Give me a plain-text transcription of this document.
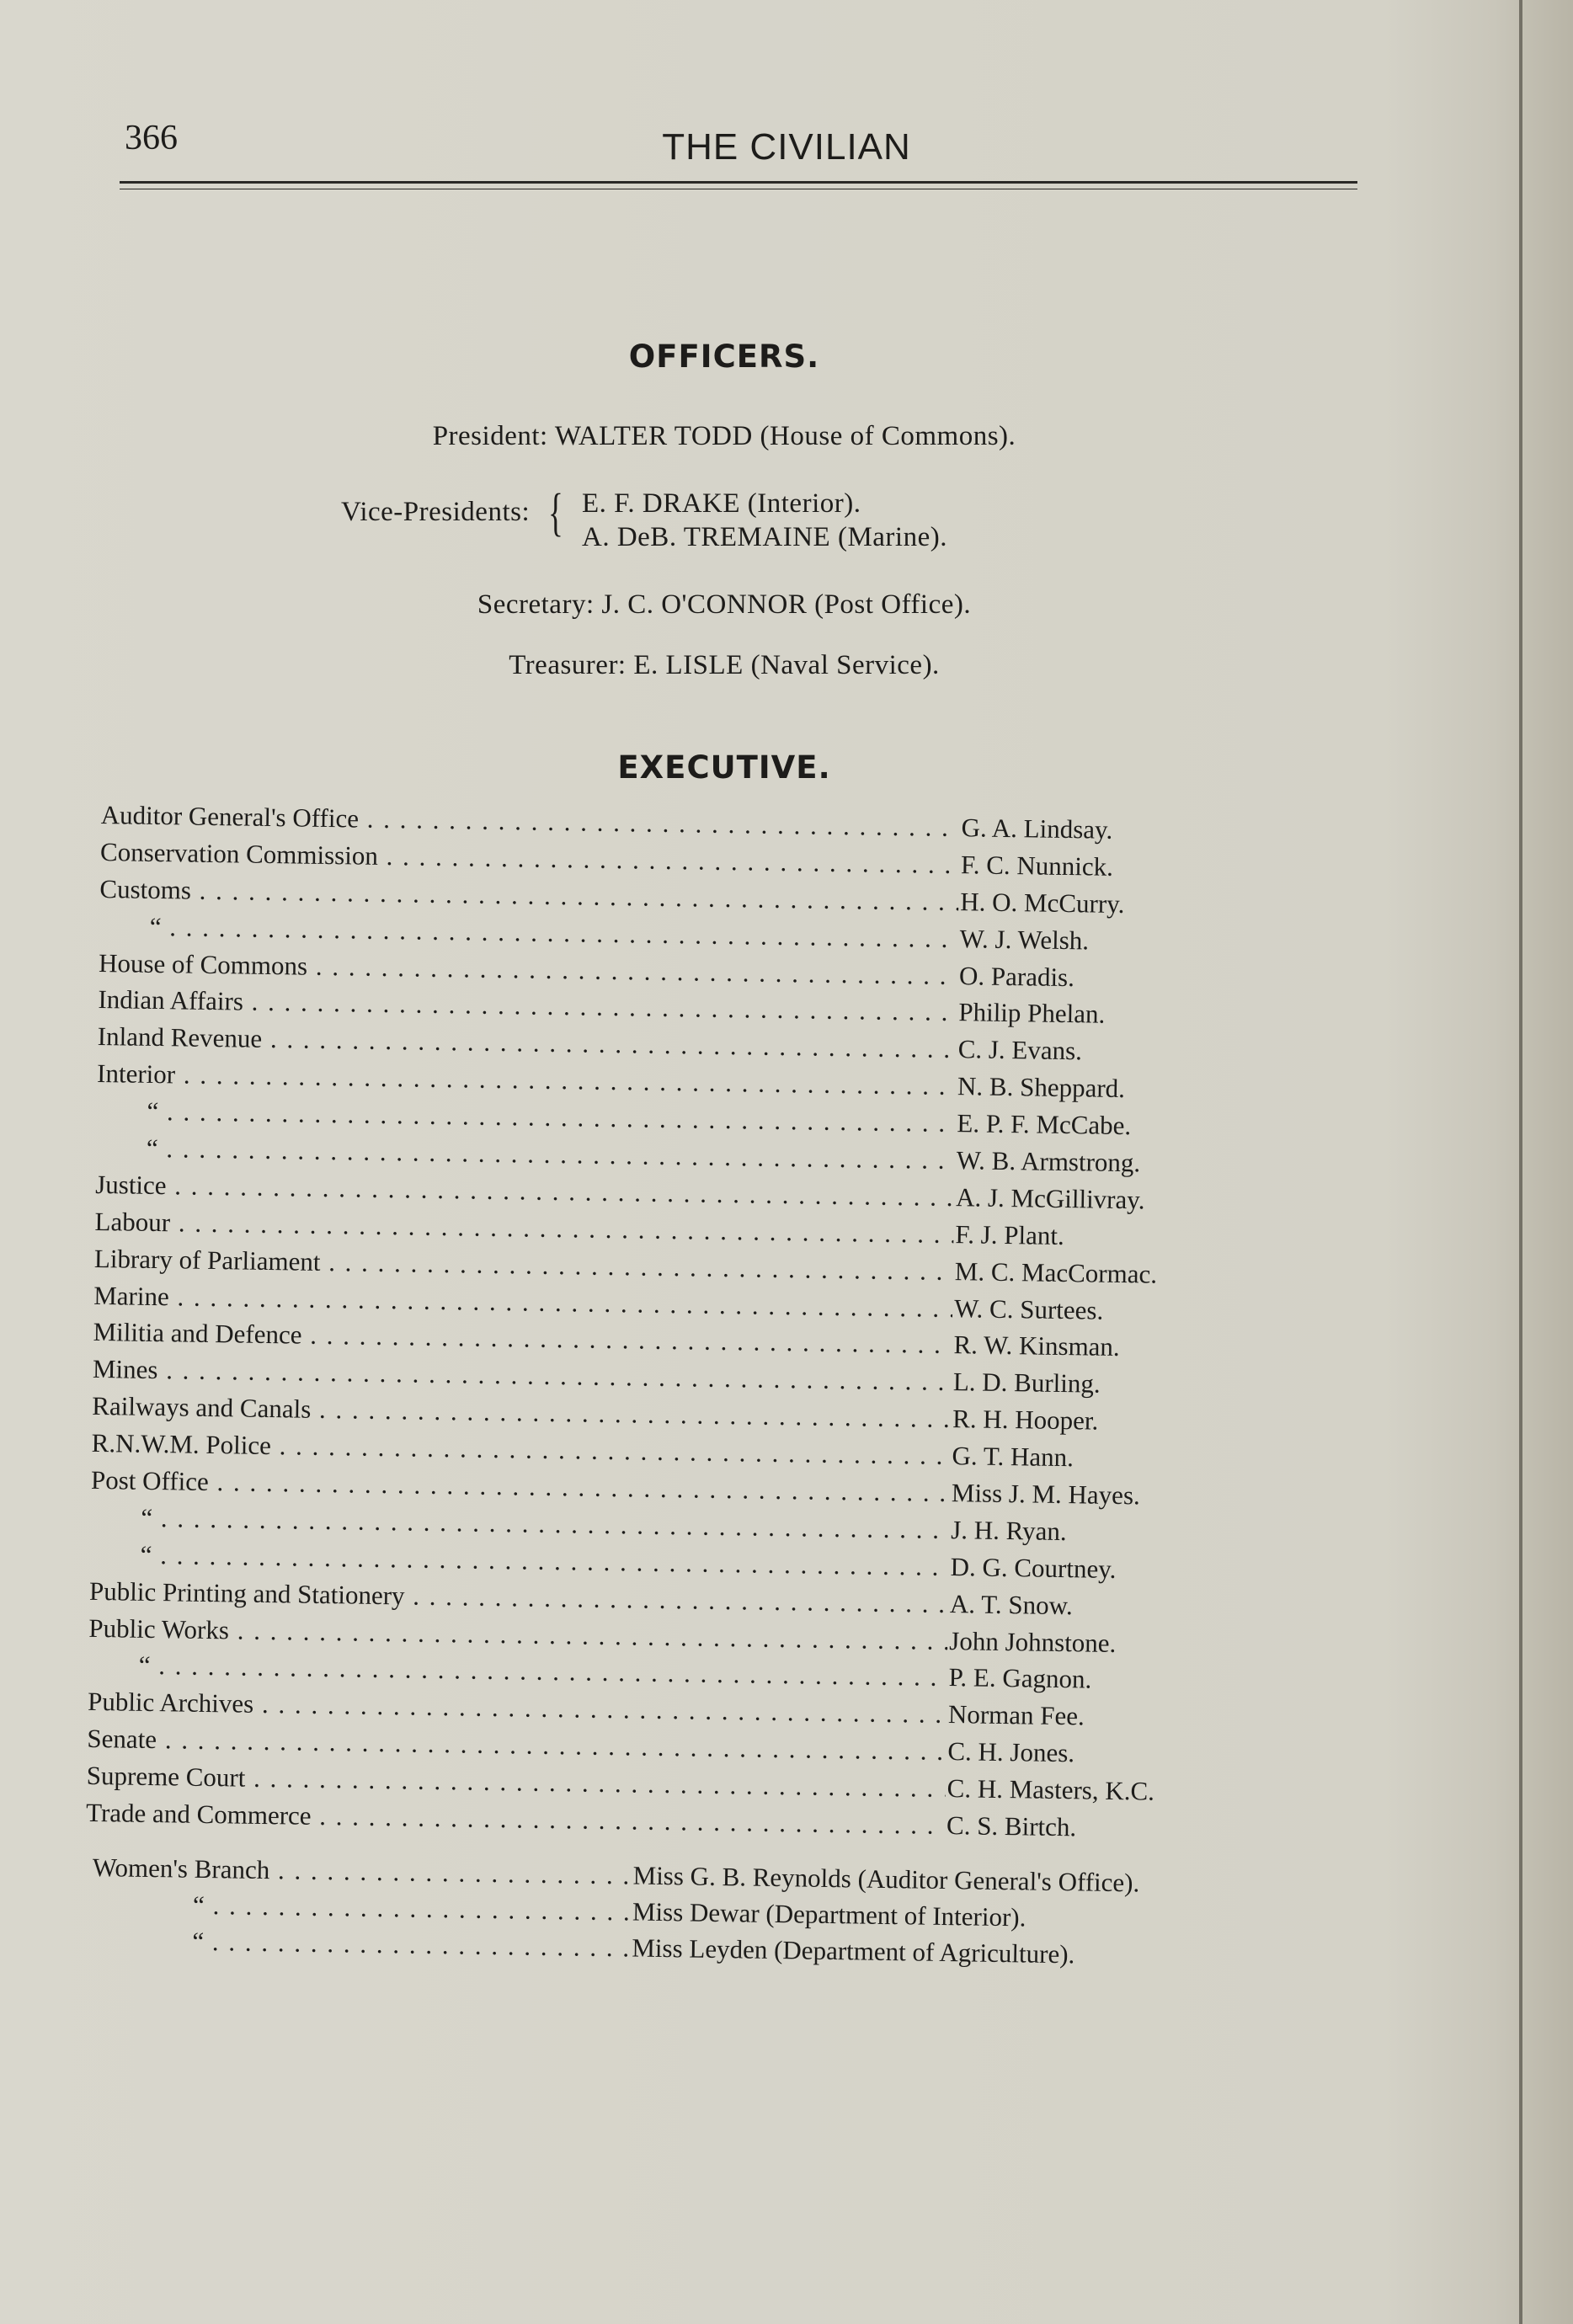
366	THE CIVILIAN
OFFICERS.
President: WALTER TODD (House of Commons).
Vice-Presidents: { E. F. DRAKE (Interior).
A. DeB. TREMAINE (Marine).
Secretary: J. C. O'CONNOR (Post Office).
Treasurer: E. LISLE (Naval Service).
EXECUTIVE.
Auditor General's Office . . .	G. A. Lindsay.
Conservation Commission . . .	F. C. Nunnick.
Customs . . .	H. O. McCurry.
“ . . .	W. J. Welsh.
House of Commons . . .	O. Paradis.
Indian Affairs . . .	Philip Phelan.
Inland Revenue . . .	C. J. Evans.
Interior . . .	N. B. Sheppard.
“ . . .	E. P. F. McCabe.
“ . . .	W. B. Armstrong.
Justice . . .	A. J. McGillivray.
Labour . . .	F. J. Plant.
Library of Parliament . . .	M. C. MacCormac.
Marine . . .	W. C. Surtees.
Militia and Defence . . .	R. W. Kinsman.
Mines . . .	L. D. Burling.
Railways and Canals . . .	R. H. Hooper.
R.N.W.M. Police . . .	G. T. Hann.
Post Office . . .	Miss J. M. Hayes.
“ . . .	J. H. Ryan.
“ . . .	D. G. Courtney.
Public Printing and Stationery . . .	A. T. Snow.
Public Works . . .	John Johnstone.
“ . . .	P. E. Gagnon.
Public Archives . . .	Norman Fee.
Senate . . .	C. H. Jones.
Supreme Court . . .	C. H. Masters, K.C.
Trade and Commerce . . .	C. S. Birtch.
Women's Branch . . .	Miss G. B. Reynolds (Auditor General's Office).
“ . . .	Miss Dewar (Department of Interior).
“ . . .	Miss Leyden (Department of Agriculture).
